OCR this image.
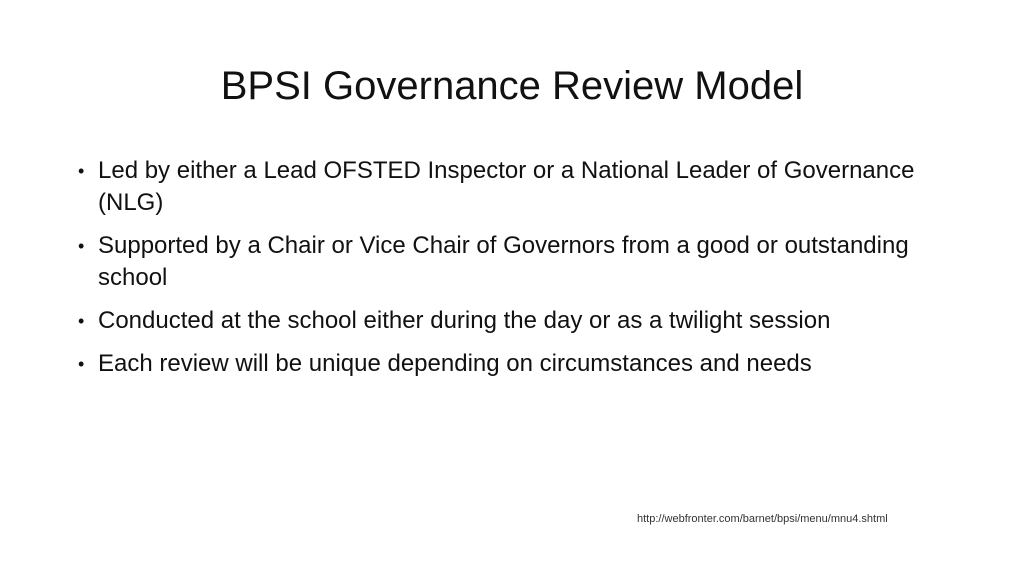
BPSI Governance Review Model
• Led by either a Lead OFSTED Inspector or a National Leader of Governance (NLG)
• Supported by a Chair or Vice Chair of Governors from a good or outstanding school
• Conducted at the school either during the day or as a twilight session
• Each review will be unique depending on circumstances and needs
http://webfronter.com/barnet/bpsi/menu/mnu4.shtml
